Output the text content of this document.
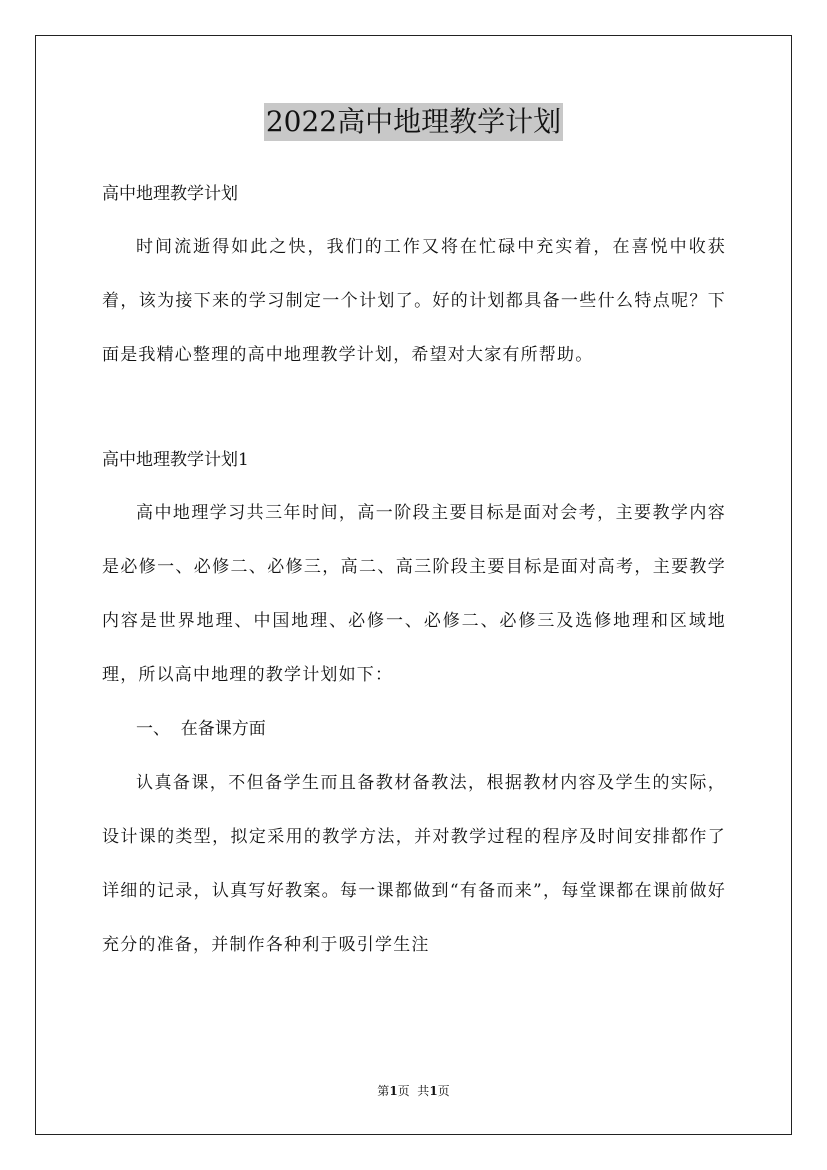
2022高中地理教学计划

高中地理教学计划

时间流逝得如此之快，我们的工作又将在忙碌中充实着，在喜悦中收获着，该为接下来的学习制定一个计划了。好的计划都具备一些什么特点呢？下面是我精心整理的高中地理教学计划，希望对大家有所帮助。

高中地理教学计划1

高中地理学习共三年时间，高一阶段主要目标是面对会考，主要教学内容是必修一、必修二、必修三，高二、高三阶段主要目标是面对高考，主要教学内容是世界地理、中国地理、必修一、必修二、必修三及选修地理和区域地理，所以高中地理的教学计划如下：

一、  在备课方面

认真备课，不但备学生而且备教材备教法，根据教材内容及学生的实际，设计课的类型，拟定采用的教学方法，并对教学过程的程序及时间安排都作了详细的记录，认真写好教案。每一课都做到“有备而来”，每堂课都在课前做好充分的准备，并制作各种利于吸引学生注

第1页  共1页
